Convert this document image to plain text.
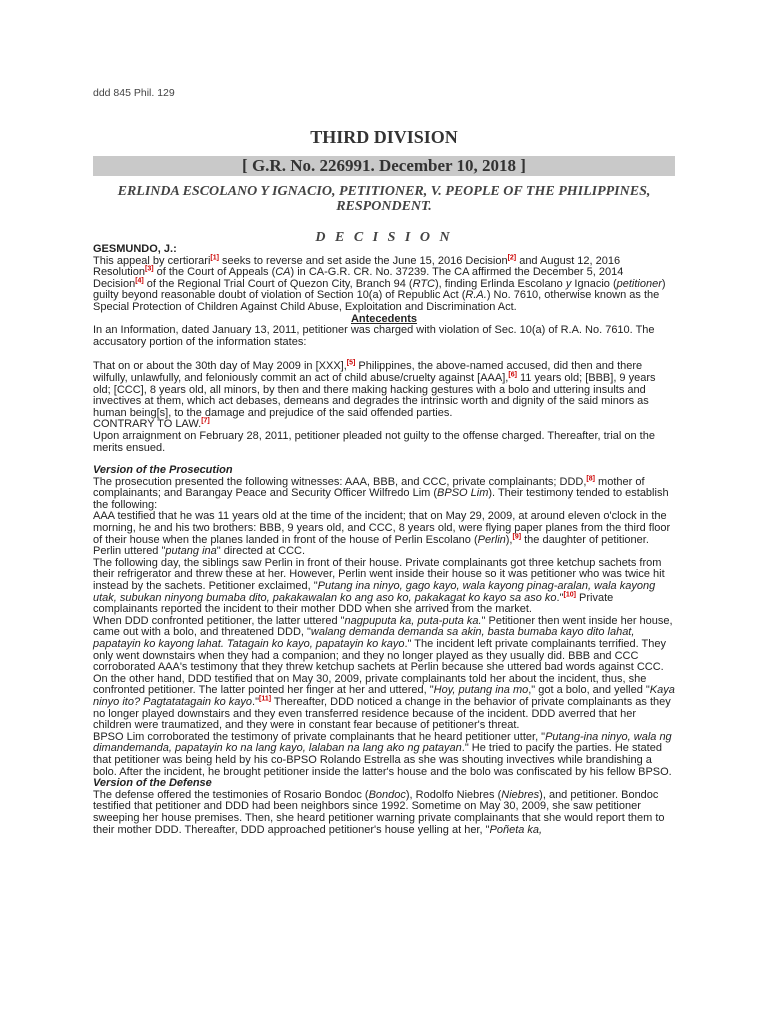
ddd 845 Phil. 129
THIRD DIVISION
[ G.R. No. 226991. December 10, 2018 ]
ERLINDA ESCOLANO Y IGNACIO, PETITIONER, V. PEOPLE OF THE PHILIPPINES, RESPONDENT.
D E C I S I O N

GESMUNDO, J.:

This appeal by certiorari[1] seeks to reverse and set aside the June 15, 2016 Decision[2] and August 12, 2016 Resolution[3] of the Court of Appeals (CA) in CA-G.R. CR. No. 37239. The CA affirmed the December 5, 2014 Decision[4] of the Regional Trial Court of Quezon City, Branch 94 (RTC), finding Erlinda Escolano y Ignacio (petitioner) guilty beyond reasonable doubt of violation of Section 10(a) of Republic Act (R.A.) No. 7610, otherwise known as the Special Protection of Children Against Child Abuse, Exploitation and Discrimination Act.

Antecedents

In an Information, dated January 13, 2011, petitioner was charged with violation of Sec. 10(a) of R.A. No. 7610. The accusatory portion of the information states:

That on or about the 30th day of May 2009 in [XXX],[5] Philippines, the above-named accused, did then and there wilfully, unlawfully, and feloniously commit an act of child abuse/cruelty against [AAA],[6] 11 years old; [BBB], 9 years old; [CCC], 8 years old, all minors, by then and there making hacking gestures with a bolo and uttering insults and invectives at them, which act debases, demeans and degrades the intrinsic worth and dignity of the said minors as human being[s], to the damage and prejudice of the said offended parties.

CONTRARY TO LAW.[7]

Upon arraignment on February 28, 2011, petitioner pleaded not guilty to the offense charged. Thereafter, trial on the merits ensued.

Version of the Prosecution

The prosecution presented the following witnesses: AAA, BBB, and CCC, private complainants; DDD,[8] mother of complainants; and Barangay Peace and Security Officer Wilfredo Lim (BPSO Lim). Their testimony tended to establish the following:

AAA testified that he was 11 years old at the time of the incident; that on May 29, 2009, at around eleven o'clock in the morning, he and his two brothers: BBB, 9 years old, and CCC, 8 years old, were flying paper planes from the third floor of their house when the planes landed in front of the house of Perlin Escolano (Perlin),[9] the daughter of petitioner. Perlin uttered "putang ina" directed at CCC.

The following day, the siblings saw Perlin in front of their house. Private complainants got three ketchup sachets from their refrigerator and threw these at her. However, Perlin went inside their house so it was petitioner who was twice hit instead by the sachets. Petitioner exclaimed, "Putang ina ninyo, gago kayo, wala kayong pinag-aralan, wala kayong utak, subukan ninyong bumaba dito, pakakawalan ko ang aso ko, pakakagat ko kayo sa aso ko."[10] Private complainants reported the incident to their mother DDD when she arrived from the market.

When DDD confronted petitioner, the latter uttered "nagpuputa ka, puta-puta ka." Petitioner then went inside her house, came out with a bolo, and threatened DDD, "walang demanda demanda sa akin, basta bumaba kayo dito lahat, papatayin ko kayong lahat. Tatagain ko kayo, papatayin ko kayo." The incident left private complainants terrified. They only went downstairs when they had a companion; and they no longer played as they usually did. BBB and CCC corroborated AAA's testimony that they threw ketchup sachets at Perlin because she uttered bad words against CCC.

On the other hand, DDD testified that on May 30, 2009, private complainants told her about the incident, thus, she confronted petitioner. The latter pointed her finger at her and uttered, "Hoy, putang ina mo," got a bolo, and yelled "Kaya ninyo ito? Pagtatatagain ko kayo."[11] Thereafter, DDD noticed a change in the behavior of private complainants as they no longer played downstairs and they even transferred residence because of the incident. DDD averred that her children were traumatized, and they were in constant fear because of petitioner's threat.

BPSO Lim corroborated the testimony of private complainants that he heard petitioner utter, "Putang-ina ninyo, wala ng dimandemanda, papatayin ko na lang kayo, lalaban na lang ako ng patayan." He tried to pacify the parties. He stated that petitioner was being held by his co-BPSO Rolando Estrella as she was shouting invectives while brandishing a bolo. After the incident, he brought petitioner inside the latter's house and the bolo was confiscated by his fellow BPSO.

Version of the Defense

The defense offered the testimonies of Rosario Bondoc (Bondoc), Rodolfo Niebres (Niebres), and petitioner. Bondoc testified that petitioner and DDD had been neighbors since 1992. Sometime on May 30, 2009, she saw petitioner sweeping her house premises. Then, she heard petitioner warning private complainants that she would report them to their mother DDD. Thereafter, DDD approached petitioner's house yelling at her, "Poñeta ka,
